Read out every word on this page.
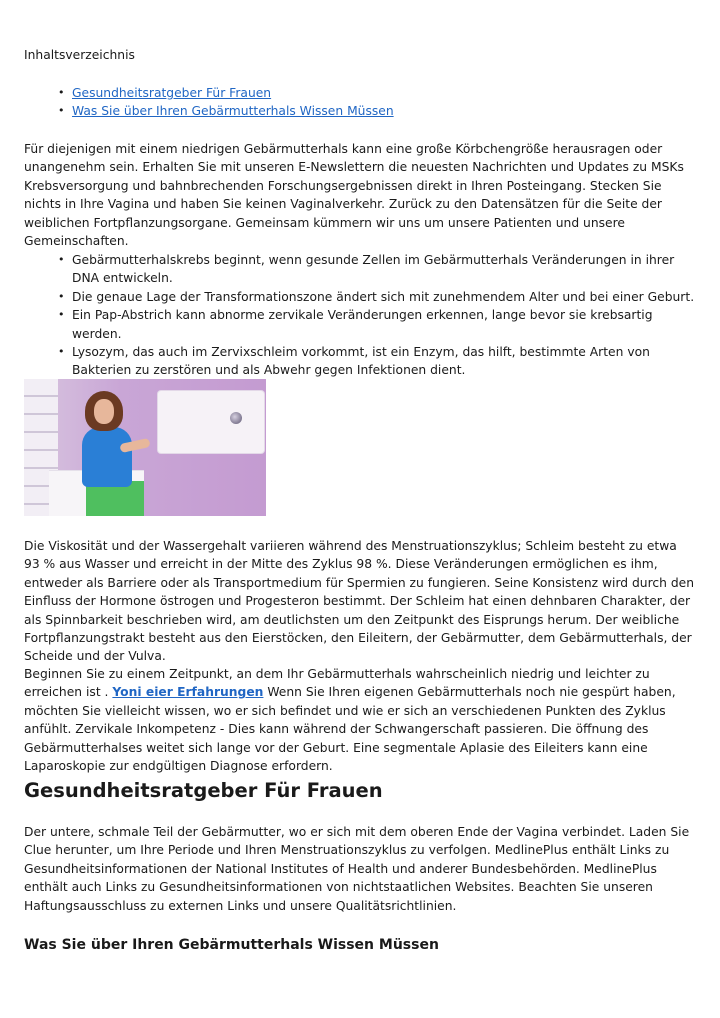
Inhaltsverzeichnis

• Gesundheitsratgeber Für Frauen
• Was Sie über Ihren Gebärmutterhals Wissen Müssen

Für diejenigen mit einem niedrigen Gebärmutterhals kann eine große Körbchengröße herausragen oder unangenehm sein. Erhalten Sie mit unseren E-Newslettern die neuesten Nachrichten und Updates zu MSKs Krebsversorgung und bahnbrechenden Forschungsergebnissen direkt in Ihren Posteingang. Stecken Sie nichts in Ihre Vagina und haben Sie keinen Vaginalverkehr. Zurück zu den Datensätzen für die Seite der weiblichen Fortpflanzungsorgane. Gemeinsam kümmern wir uns um unsere Patienten und unsere Gemeinschaften.

• Gebärmutterhalskrebs beginnt, wenn gesunde Zellen im Gebärmutterhals Veränderungen in ihrer DNA entwickeln.
• Die genaue Lage der Transformationszone ändert sich mit zunehmendem Alter und bei einer Geburt.
• Ein Pap-Abstrich kann abnorme zervikale Veränderungen erkennen, lange bevor sie krebsartig werden.
• Lysozym, das auch im Zervixschleim vorkommt, ist ein Enzym, das hilft, bestimmte Arten von Bakterien zu zerstören und als Abwehr gegen Infektionen dient.

Die Viskosität und der Wassergehalt variieren während des Menstruationszyklus; Schleim besteht zu etwa 93 % aus Wasser und erreicht in der Mitte des Zyklus 98 %. Diese Veränderungen ermöglichen es ihm, entweder als Barriere oder als Transportmedium für Spermien zu fungieren. Seine Konsistenz wird durch den Einfluss der Hormone östrogen und Progesteron bestimmt. Der Schleim hat einen dehnbaren Charakter, der als Spinnbarkeit beschrieben wird, am deutlichsten um den Zeitpunkt des Eisprungs herum. Der weibliche Fortpflanzungstrakt besteht aus den Eierstöcken, den Eileitern, der Gebärmutter, dem Gebärmutterhals, der Scheide und der Vulva.

Beginnen Sie zu einem Zeitpunkt, an dem Ihr Gebärmutterhals wahrscheinlich niedrig und leichter zu erreichen ist . Yoni eier Erfahrungen Wenn Sie Ihren eigenen Gebärmutterhals noch nie gespürt haben, möchten Sie vielleicht wissen, wo er sich befindet und wie er sich an verschiedenen Punkten des Zyklus anfühlt. Zervikale Inkompetenz - Dies kann während der Schwangerschaft passieren. Die öffnung des Gebärmutterhalses weitet sich lange vor der Geburt. Eine segmentale Aplasie des Eileiters kann eine Laparoskopie zur endgültigen Diagnose erfordern.

Gesundheitsratgeber Für Frauen

Der untere, schmale Teil der Gebärmutter, wo er sich mit dem oberen Ende der Vagina verbindet. Laden Sie Clue herunter, um Ihre Periode und Ihren Menstruationszyklus zu verfolgen. MedlinePlus enthält Links zu Gesundheitsinformationen der National Institutes of Health und anderer Bundesbehörden. MedlinePlus enthält auch Links zu Gesundheitsinformationen von nichtstaatlichen Websites. Beachten Sie unseren Haftungsausschluss zu externen Links und unsere Qualitätsrichtlinien.

Was Sie über Ihren Gebärmutterhals Wissen Müssen
